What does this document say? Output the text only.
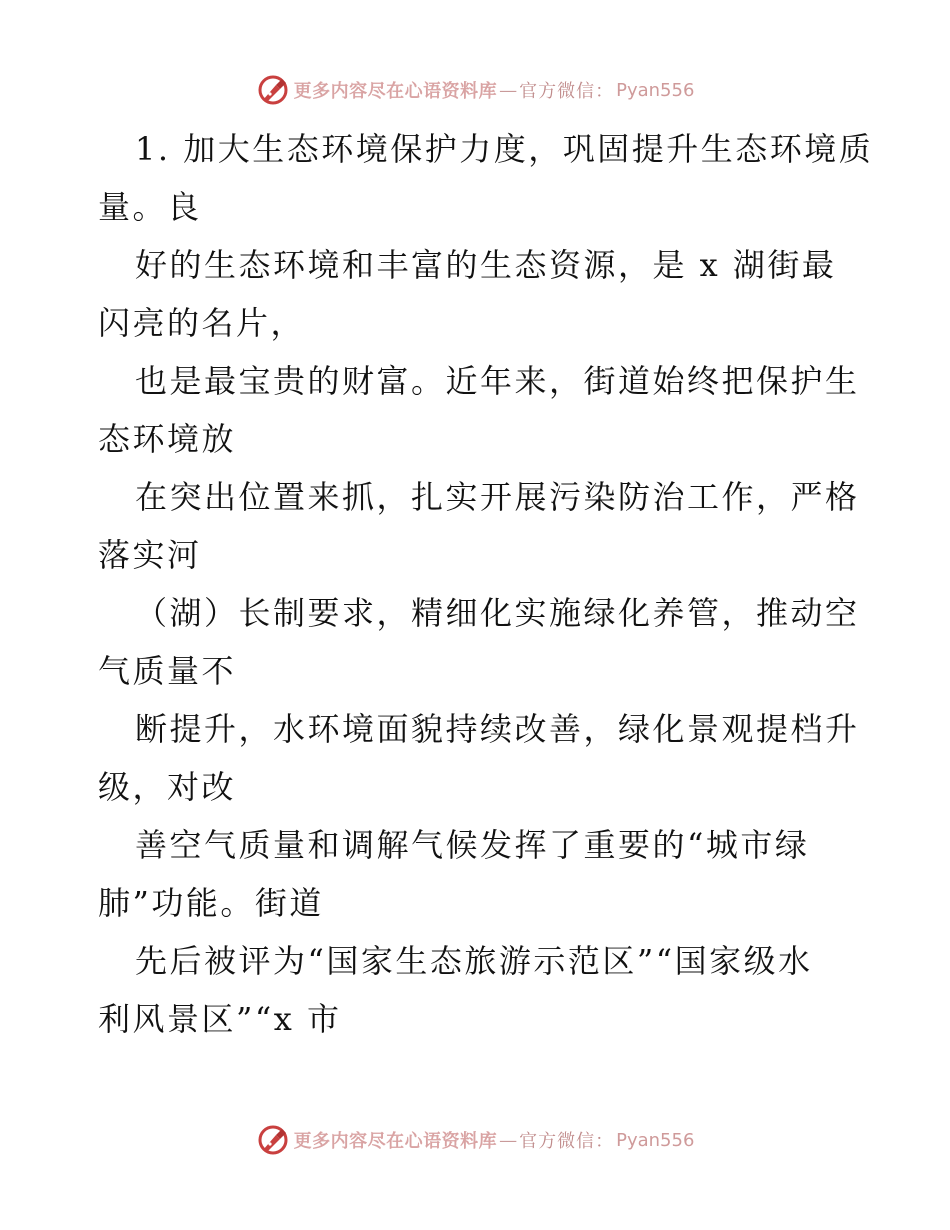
更多内容尽在心语资料库 — 官方微信： Pyan556
1. 加大生态环境保护力度，巩固提升生态环境质
量。良
好的生态环境和丰富的生态资源，是 x 湖街最
闪亮的名片，
也是最宝贵的财富。近年来，街道始终把保护生
态环境放
在突出位置来抓，扎实开展污染防治工作，严格
落实河
（湖）长制要求，精细化实施绿化养管，推动空
气质量不
断提升，水环境面貌持续改善，绿化景观提档升
级，对改
善空气质量和调解气候发挥了重要的“城市绿
肺”功能。街道
先后被评为“国家生态旅游示范区”“国家级水
利风景区”“x 市
更多内容尽在心语资料库 — 官方微信： Pyan556
